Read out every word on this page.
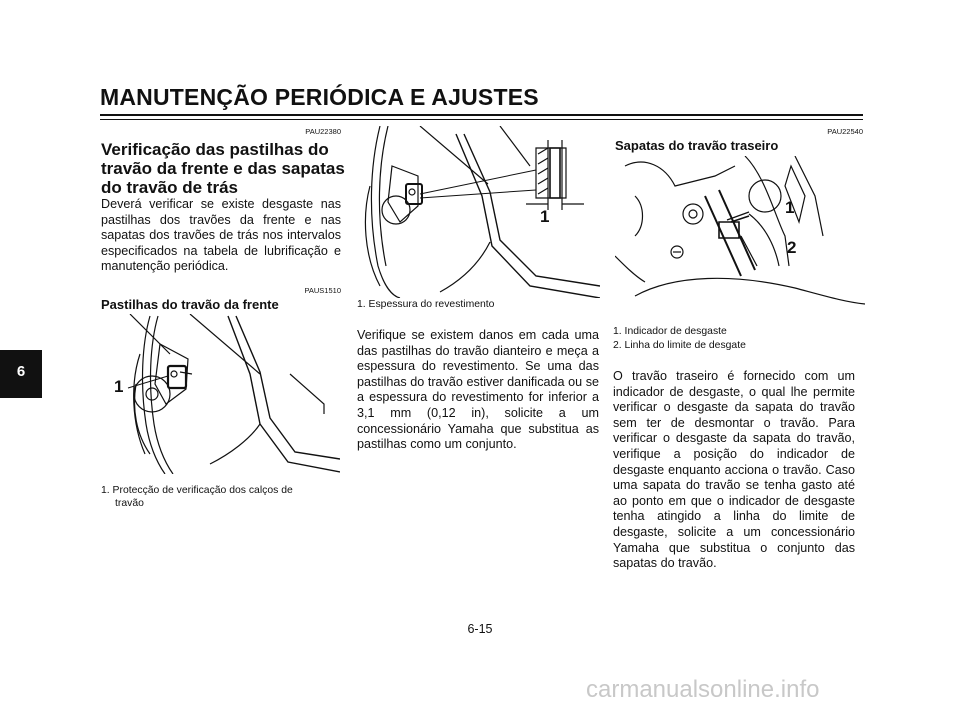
MANUTENÇÃO PERIÓDICA E AJUSTES
6
PAU22380
Verificação das pastilhas do
travão da frente e das sapatas
do travão de trás
Deverá verificar se existe desgaste nas pastilhas dos travões da frente e nas sapatas dos travões de trás nos intervalos especificados na tabela de lubrificação e manutenção periódica.
PAUS1510
Pastilhas do travão da frente
1
1. Protecção de verificação dos calços de
travão
1
1. Espessura do revestimento
Verifique se existem danos em cada uma das pastilhas do travão dianteiro e meça a espessura do revestimento. Se uma das pastilhas do travão estiver danificada ou se a espessura do revestimento for inferior a 3,1 mm (0,12 in), solicite a um concessionário Yamaha que substitua as pastilhas como um conjunto.
PAU22540
Sapatas do travão traseiro
1
2
1. Indicador de desgaste
2. Linha do limite de desgate
O travão traseiro é fornecido com um indicador de desgaste, o qual lhe permite verificar o desgaste da sapata do travão sem ter de desmontar o travão. Para verificar o desgaste da sapata do travão, verifique a posição do indicador de desgaste enquanto acciona o travão. Caso uma sapata do travão se tenha gasto até ao ponto em que o indicador de desgaste tenha atingido a linha do limite de desgaste, solicite a um concessionário Yamaha que substitua o conjunto das sapatas do travão.
6-15
carmanualsonline.info
